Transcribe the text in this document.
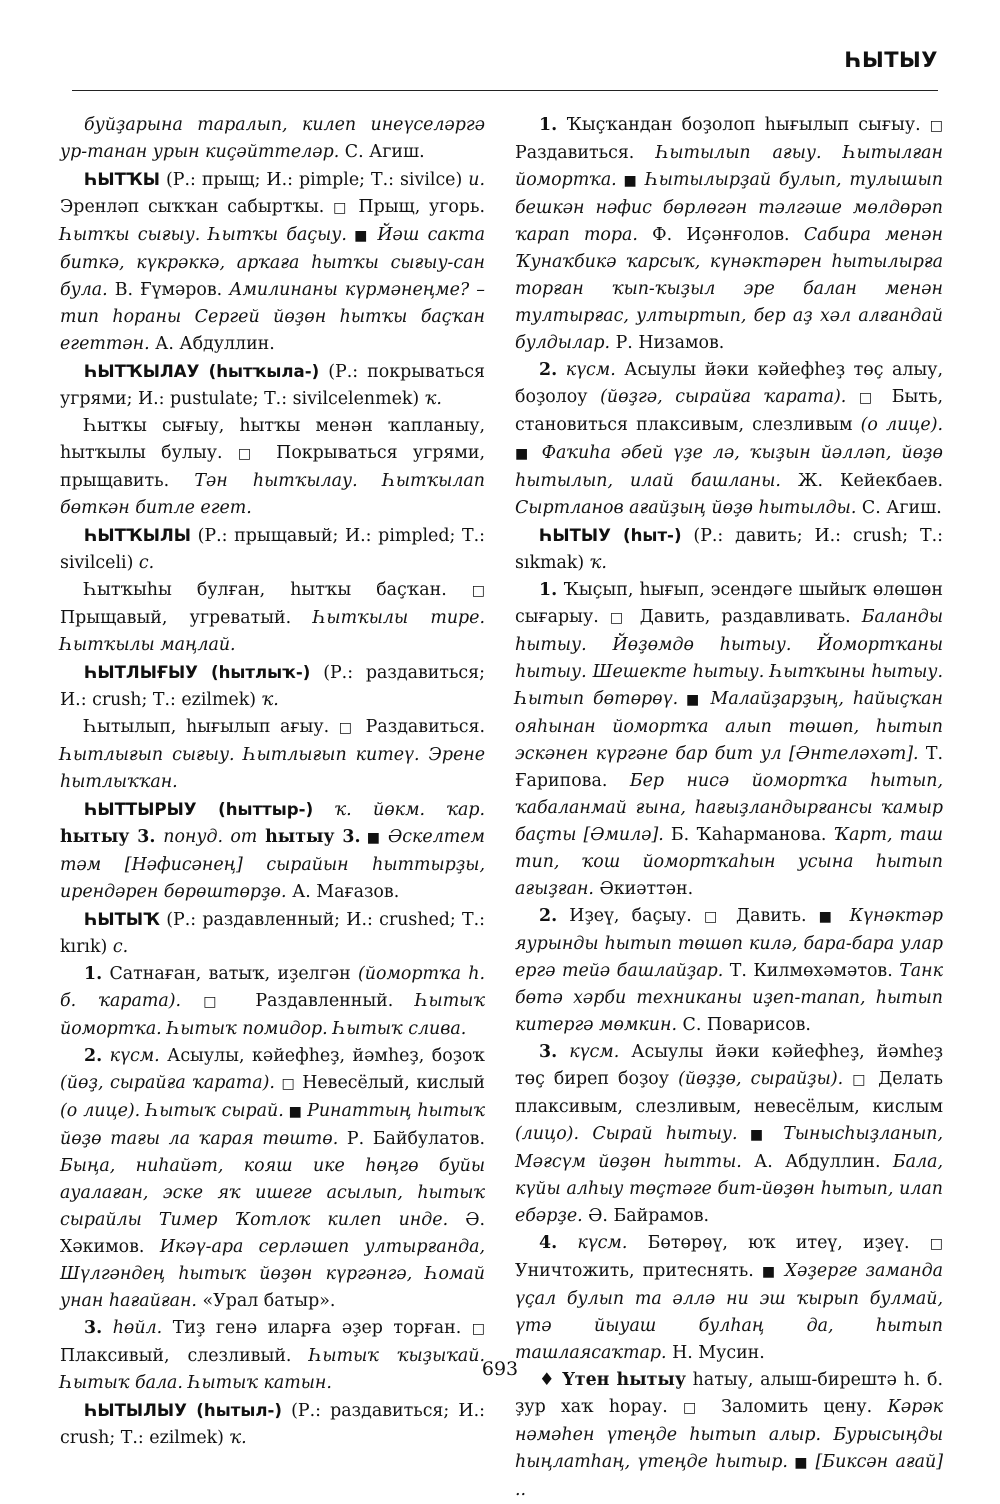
ҺЫТЫУ

буйҙарына таралып, килеп инеүселәргә ур-танан урын киҫәйттеләр. С. Агиш.

ҺЫТҠЫ (Р.: прыщ; И.: pimple; Т.: sivilce) и. Эренләп сыҡҡан сабыртҡы. □ Прыщ, угорь. Һытҡы сығыу. Һытҡы баҫыу. ■ Йәш сакта биткә, күкрәккә, арҡаға һытҡы сығыу-сан була. В. Ғүмәров. Амилинаны күрмәнеңме? – тип һораны Сергей йөҙөн һытҡы баҫҡан егеттән. А. Абдуллин.

ҺЫТҠЫЛАУ (һытҡыла-) (Р.: покрываться угрями; И.: pustulate; Т.: sivilcelenmek) ҡ.

Һытҡы сығыу, һытҡы менән ҡапланыу, һытҡылы булыу. □ Покрываться угрями, прыщавить. Тән һытҡылау. Һытҡылап бөткән битле егет.

ҺЫТҠЫЛЫ (Р.: прыщавый; И.: pimpled; Т.: sivilceli) с.

Һытҡыһы булған, һытҡы баҫҡан. □ Прыщавый, угреватый. Һытҡылы тире. Һытҡылы маңлай.

ҺЫТЛЫҒЫУ (һытлыҡ-) (Р.: раздавиться; И.: crush; Т.: ezilmek) ҡ.

Һытылып, һығылып ағыу. □ Раздавиться. Һытлығып сығыу. Һытлығып китеү. Эрене һытлыҡҡан.

ҺЫТТЫРЫУ (һыттыр-) ҡ. йөкм. ҡар. һытыу 3. понуд. от һытыу 3. ■ Әскелтем тәм [Нәфисәнең] сырайын һыттырҙы, ирендәрен бөрөштөрҙө. А. Мағазов.

ҺЫТЫҠ (Р.: раздавленный; И.: crushed; Т.: kırık) с.

1. Сатнаған, ватыҡ, иҙелгән (йомортҡа һ. б. ҡарата). □ Раздавленный. Һытыҡ йомортҡа. Һытыҡ помидор. Һытыҡ слива.

2. күсм. Асыулы, кәйефһеҙ, йәмһеҙ, боҙоҡ (йөҙ, сырайға ҡарата). □ Невесёлый, кислый (о лице). Һытыҡ сырай. ■ Ринаттың һытыҡ йөҙө тағы ла ҡарая төштө. Р. Байбулатов. Быңа, ниһайәт, кояш ике һөңгө буйы ауалаған, эске яҡ ишеге асылып, һытыҡ сырайлы Тимер Ҡотлоҡ килеп инде. Ә. Хәкимов. Икәү-ара серләшеп ултырғанда, Шүлгәндең һытыҡ йөҙөн күргәнгә, Һомай унан һағайған. «Урал батыр».

3. һөйл. Тиҙ генә иларға әҙер торған. □ Плаксивый, слезливый. Һытыҡ ҡыҙыҡай. Һытыҡ бала. Һытыҡ катын.

ҺЫТЫЛЫУ (һытыл-) (Р.: раздавиться; И.: crush; Т.: ezilmek) ҡ.

1. Ҡыҫҡандан боҙолоп һығылып сығыу. □ Раздавиться. Һытылып ағыу. Һытылған йомортҡа. ■ Һытылырҙай булып, тулышып бешкән нәфис бөрлөгән тәлгәше мөлдөрәп ҡарап тора. Ф. Иҫәнғолов. Сабира менән Ҡунаҡбикә ҡарсыҡ, күнәктәрен һытылырға торған ҡып-ҡыҙыл эре балан менән тултырғас, ултыртып, бер аҙ хәл алғандай булдылар. Р. Низамов.

2. күсм. Асыулы йәки кәйефһеҙ төҫ алыу, боҙолоу (йөҙгә, сырайға ҡарата). □ Быть, становиться плаксивым, слезливым (о лице). ■ Фаҡиһа әбей үҙе лә, ҡыҙын йәлләп, йөҙө һытылып, илай башланы. Ж. Кейекбаев. Сыртланов ағайҙың йөҙө һытылды. С. Агиш.

ҺЫТЫУ (һыт-) (Р.: давить; И.: crush; Т.: sıkmak) ҡ.

1. Ҡыҫып, һығып, эсендәге шыйыҡ өлөшөн сығарыу. □ Давить, раздавливать. Баланды һытыу. Йөҙөмдө һытыу. Йомортҡаны һытыу. Шешекте һытыу. Һытҡыны һытыу. Һытып бөтөрөү. ■ Малайҙарҙың, һайыҫҡан ояһынан йомортҡа алып төшөп, һытып эскәнен күргәне бар бит ул [Әнтеләхәт]. Т. Ғарипова. Бер нисә йомортҡа һытып, ҡабаланмай ғына, һағыҙландырғансы ҡамыр баҫты [Әмилә]. Б. Ҡаһарманова. Ҡарт, таш тип, ҡош йомортҡаһын усына һытып ағыҙған. Әкиәттән.

2. Иҙеү, баҫыу. □ Давить. ■ Күнәктәр яурынды һытып төшөп килә, бара-бара улар ергә тейә башлайҙар. Т. Килмөхәмәтов. Танк бөтә хәрби техниканы иҙеп-тапап, һытып китергә мөмкин. С. Поварисов.

3. күсм. Асыулы йәки кәйефһеҙ, йәмһеҙ төҫ биреп боҙоу (йөҙҙө, сырайҙы). □ Делать плаксивым, слезливым, невесёлым, кислым (лицо). Сырай һытыу. ■ Тынысһыҙланып, Мәғсүм йөҙөн һытты. А. Абдуллин. Бала, күйы алһыу төҫтәге бит-йөҙөн һытып, илап ебәрҙе. Ә. Байрамов.

4. күсм. Бөтөрөү, юҡ итеү, иҙеү. □ Уничтожить, притеснять. ■ Хәҙерге заманда үҫал булып та әллә ни эш ҡырып булмай, үтә йыуаш булһаң да, һытып ташлаясаҡтар. Н. Мусин.

♦ Үтен һытыу һатыу, алыш-бирештә һ. б. ҙур хаҡ һорау. □ Заломить цену. Кәрәк нәмәһен үтеңде һытып алыр. Бурысыңды һыңлатһаң, үтеңде һытыр. ■ [Биксән ағай] ..

693
